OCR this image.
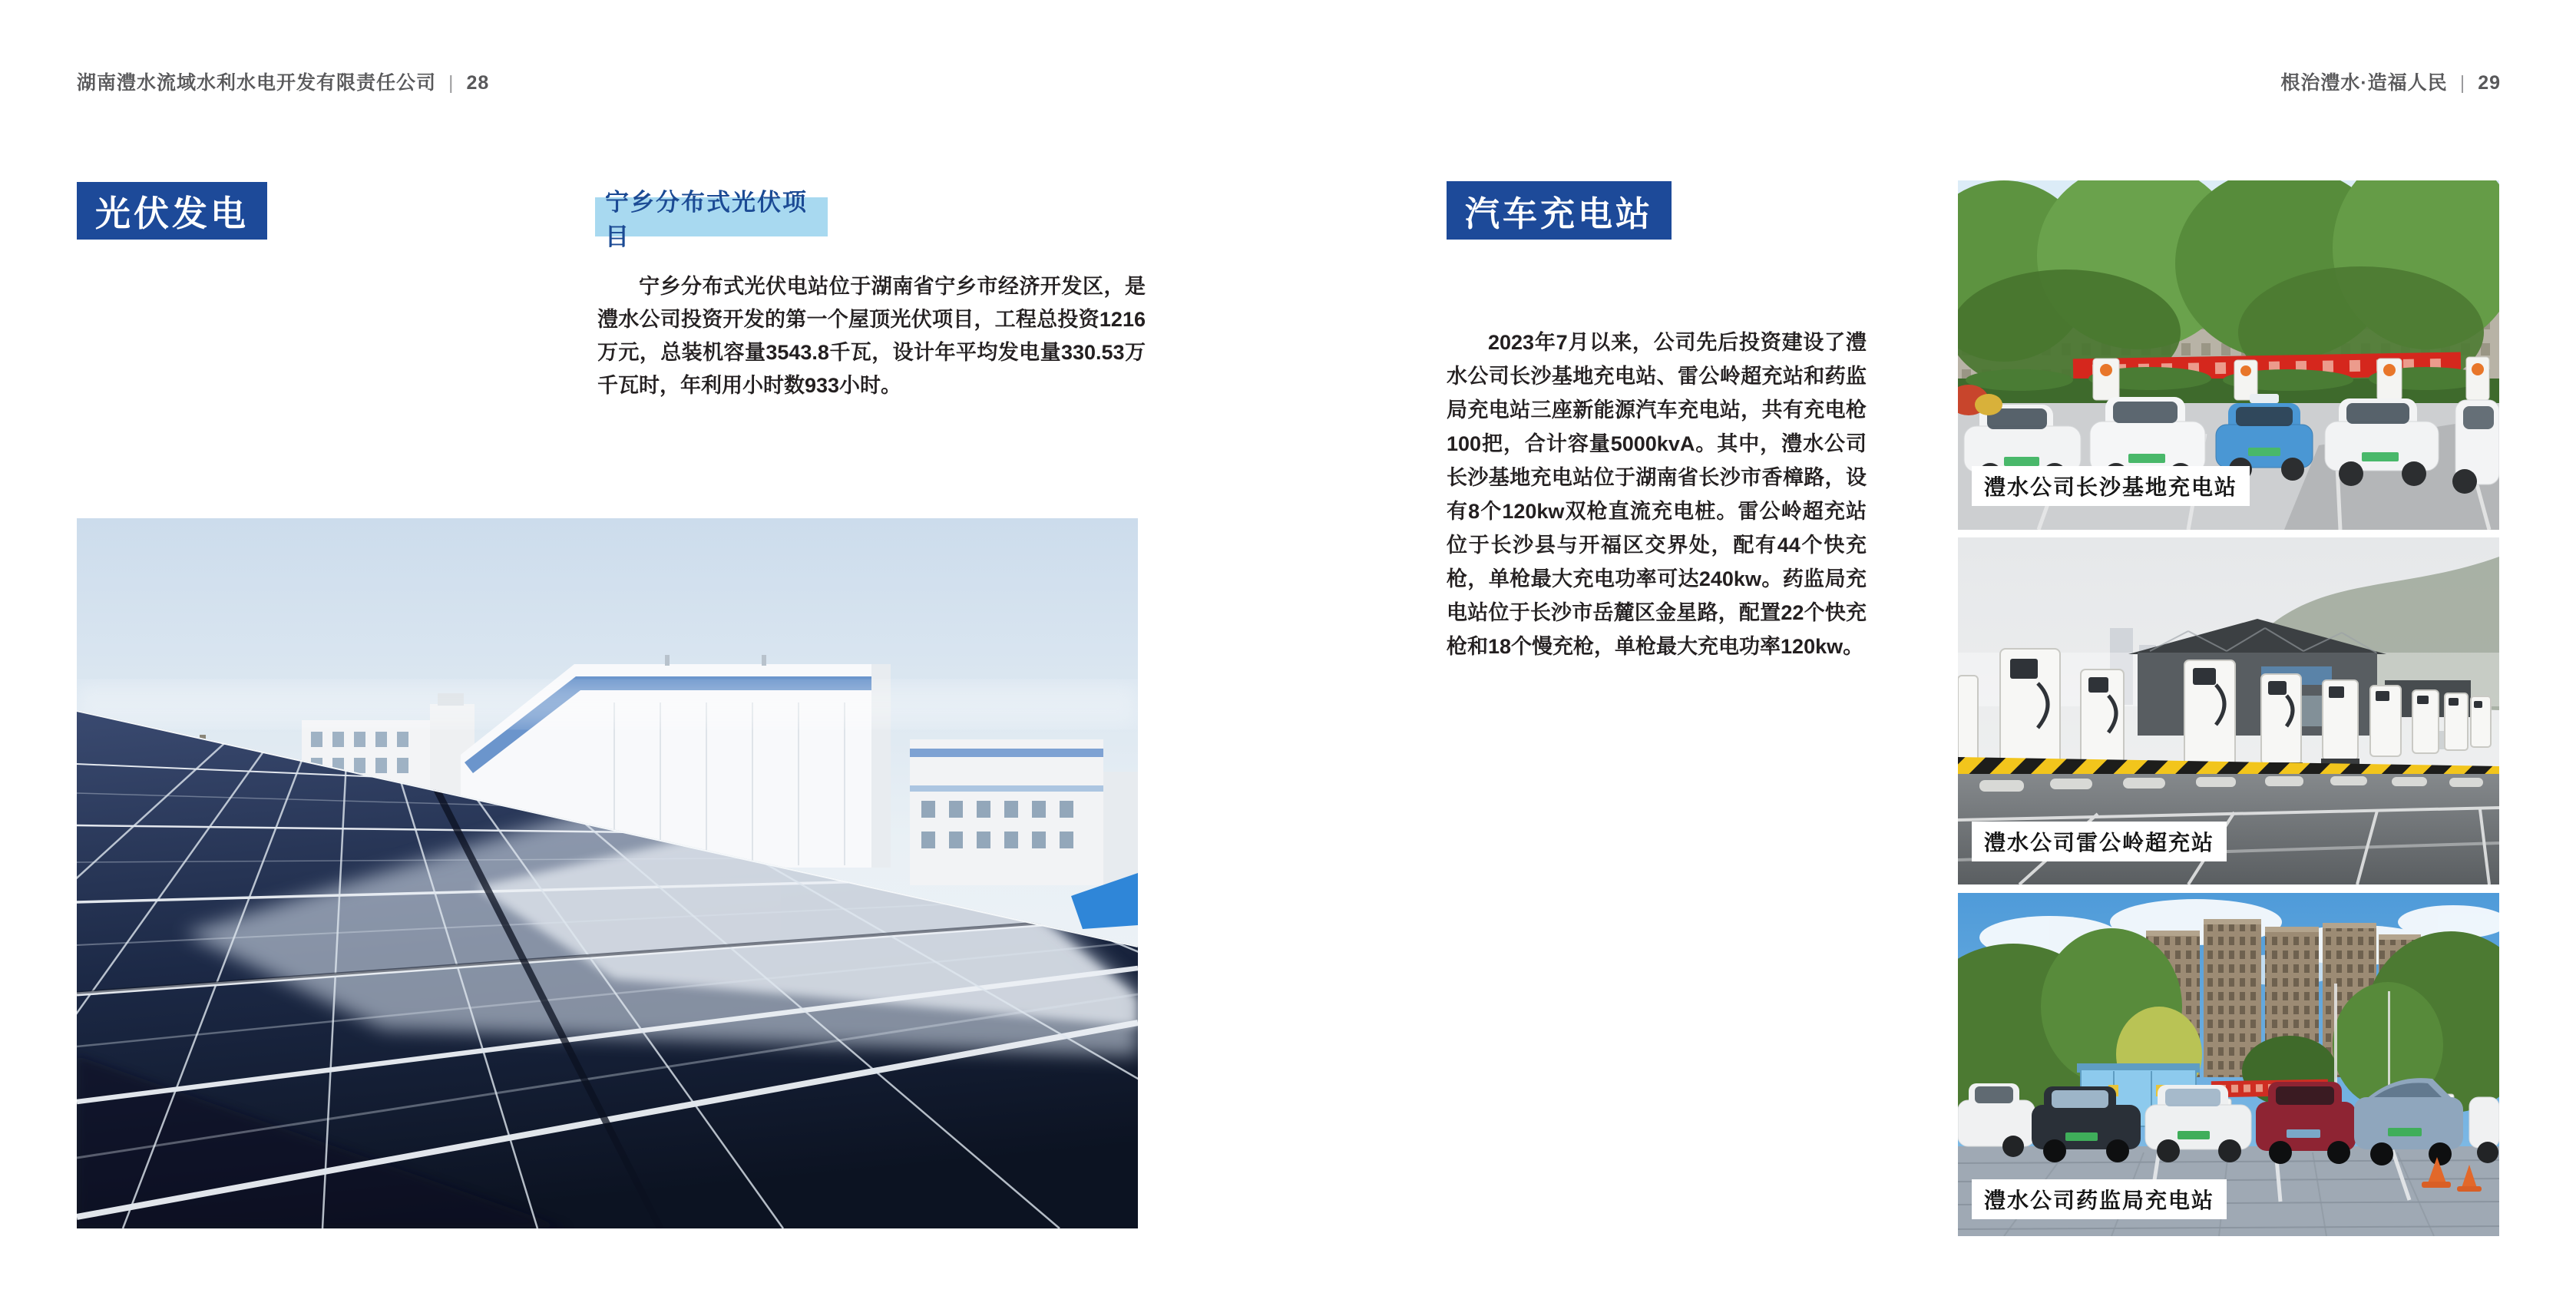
湖南澧水流域水利水电开发有限责任公司 | 28	根治澧水·造福人民 | 29
光伏发电	宁乡分布式光伏项目
宁乡分布式光伏电站位于湖南省宁乡市经济开发区，是澧水公司投资开发的第一个屋顶光伏项目，工程总投资1216万元，总装机容量3543.8千瓦，设计年平均发电量330.53万千瓦时，年利用小时数933小时。
汽车充电站
2023年7月以来，公司先后投资建设了澧水公司长沙基地充电站、雷公岭超充站和药监局充电站三座新能源汽车充电站，共有充电枪100把，合计容量5000kvA。其中，澧水公司长沙基地充电站位于湖南省长沙市香樟路，设有8个120kw双枪直流充电桩。雷公岭超充站位于长沙县与开福区交界处，配有44个快充枪，单枪最大充电功率可达240kw。药监局充电站位于长沙市岳麓区金星路，配置22个快充枪和18个慢充枪，单枪最大充电功率120kw。
澧水公司长沙基地充电站
澧水公司雷公岭超充站
澧水公司药监局充电站
